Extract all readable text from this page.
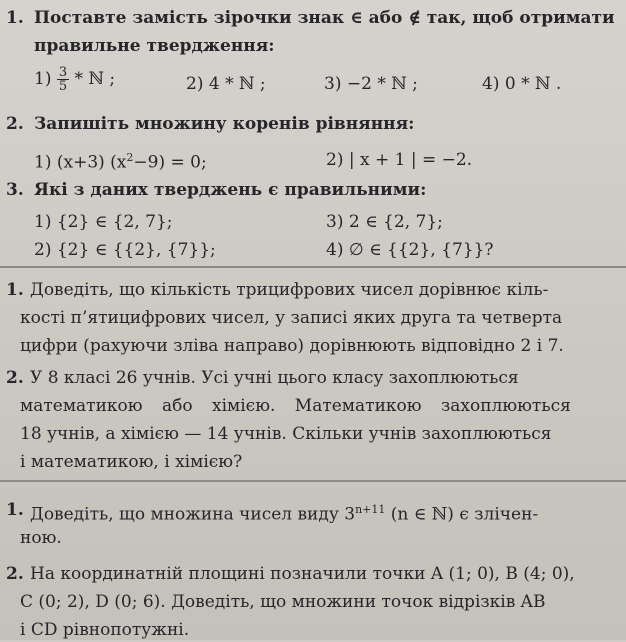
1. Поставте замість зірочки знак ∈ або ∉ так, щоб отримати
правильне твердження:
$1) \frac{3}{5}$ * ℕ ;	2) 4 * ℕ ;	3) −2 * ℕ ;	4) 0 * ℕ .
2. Запишіть множину коренів рівняння:
1) (x+3) $(x^2-9) = 0$;	2) | x + 1 | = −2.
3. Які з даних тверджень є правильними:
1) {2} ∈ {2, 7};	3) 2 ∈ {2, 7};
2) {2} ∈ {{2}, {7}};	4) ∅ ∈ {{2}, {7}}?
1. Доведіть, що кількість трицифрових чисел дорівнює кіль-
кості п’ятицифрових чисел, у записі яких друга та четверта
цифри (рахуючи зліва направо) дорівнюють відповідно 2 і 7.
2. У 8 класі 26 учнів. Усі учні цього класу захоплюються
математикою або хімією. Математикою захоплюються
18 учнів, а хімією — 14 учнів. Скільки учнів захоплюються
і математикою, і хімією?
1. Доведіть, що множина чисел виду $3^{n+11}$ (n ∈ ℕ) є злічен-
ною.
2. На координатній площині позначили точки A (1; 0), B (4; 0),
C (0; 2), D (0; 6). Доведіть, що множини точок відрізків AB
і CD рівнопотужні.
